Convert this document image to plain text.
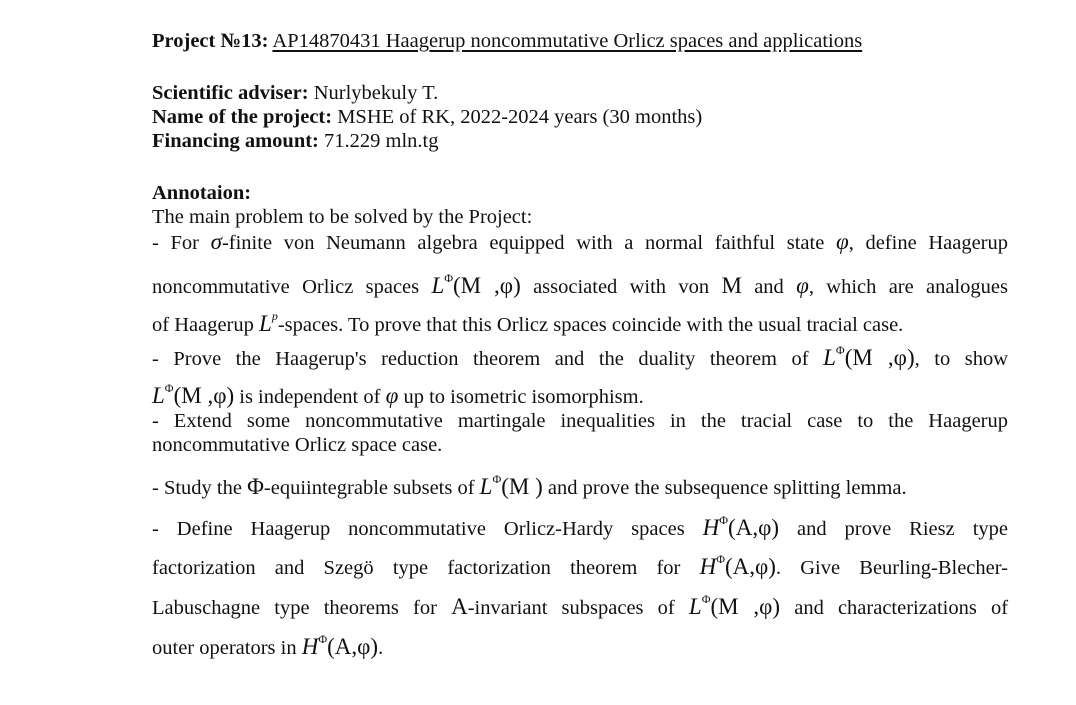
Project №13: AP14870431 Haagerup noncommutative Orlicz spaces and applications
Scientific adviser: Nurlybekuly T.
Name of the project: MSHE of RK, 2022-2024 years (30 months)
Financing amount: 71.229 mln.tg
Annotaion:
The main problem to be solved by the Project:
- For σ-finite von Neumann algebra equipped with a normal faithful state φ, define Haagerup
noncommutative Orlicz spaces $L^\Phi(M$ ,φ) associated with von M and φ, which are analogues
of Haagerup $L^p$-spaces. To prove that this Orlicz spaces coincide with the usual tracial case.
- Prove the Haagerup's reduction theorem and the duality theorem of $L^\Phi(M$ ,φ), to show
$L^\Phi(M$ ,φ) is independent of φ up to isometric isomorphism.
- Extend some noncommutative martingale inequalities in the tracial case to the Haagerup
noncommutative Orlicz space case.
- Study the Φ-equiintegrable subsets of $L^\Phi(M$ ) and prove the subsequence splitting lemma.
- Define Haagerup noncommutative Orlicz-Hardy spaces $H^\Phi(A,\varphi)$ and prove Riesz type
factorization and Szegö type factorization theorem for $H^\Phi(A,\varphi)$. Give Beurling-Blecher-
Labuschagne type theorems for A-invariant subspaces of $L^\Phi(M$ ,φ) and characterizations of
outer operators in $H^\Phi(A,\varphi)$.
